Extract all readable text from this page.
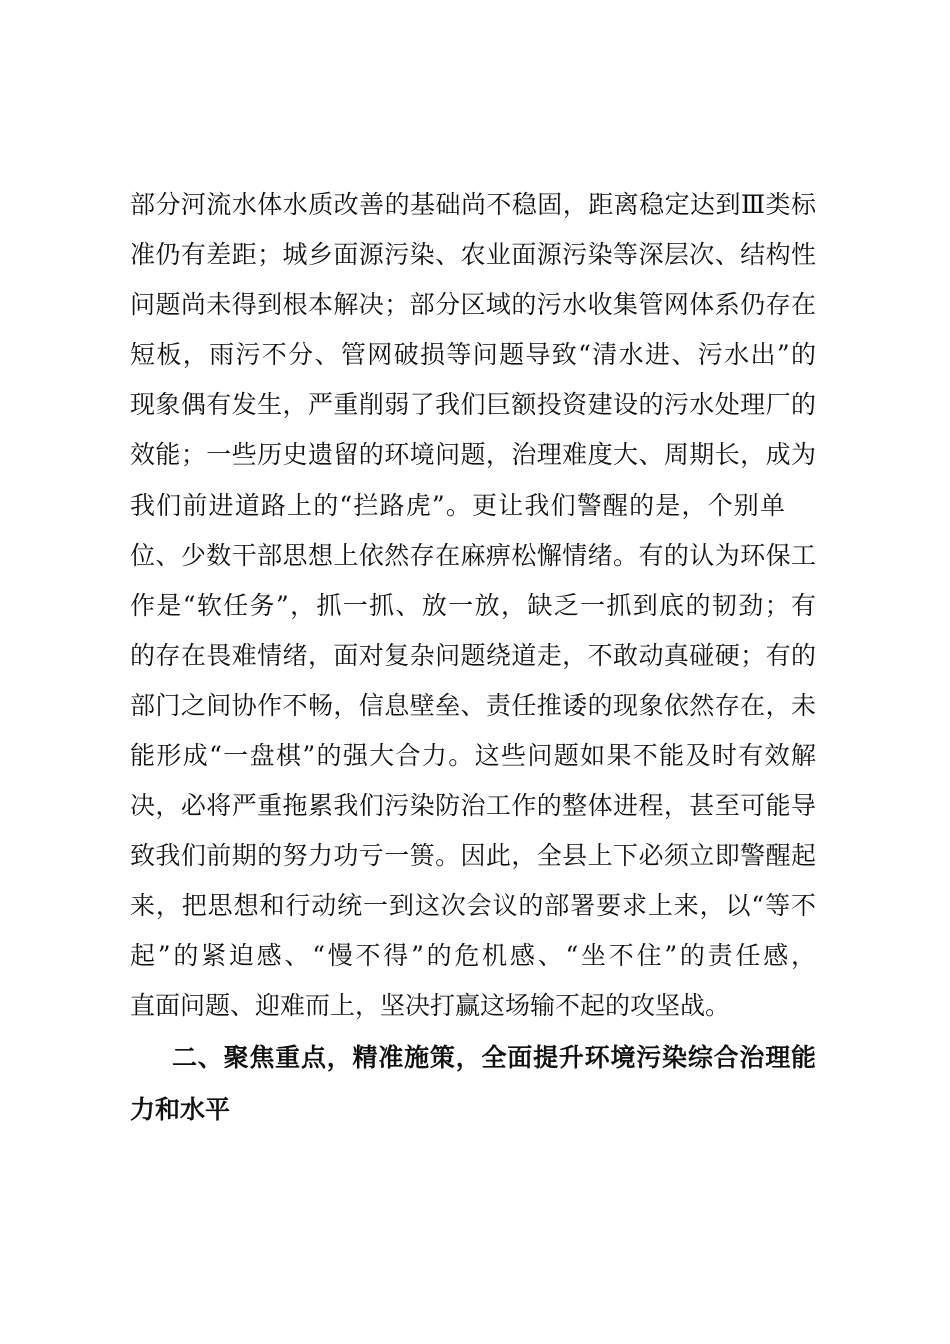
部分河流水体水质改善的基础尚不稳固，距离稳定达到Ⅲ类标
准仍有差距；城乡面源污染、农业面源污染等深层次、结构性
问题尚未得到根本解决；部分区域的污水收集管网体系仍存在
短板，雨污不分、管网破损等问题导致“清水进、污水出”的
现象偶有发生，严重削弱了我们巨额投资建设的污水处理厂的
效能；一些历史遗留的环境问题，治理难度大、周期长，成为
我们前进道路上的“拦路虎”。更让我们警醒的是，个别单
位、少数干部思想上依然存在麻痹松懈情绪。有的认为环保工
作是“软任务”，抓一抓、放一放，缺乏一抓到底的韧劲；有
的存在畏难情绪，面对复杂问题绕道走，不敢动真碰硬；有的
部门之间协作不畅，信息壁垒、责任推诿的现象依然存在，未
能形成“一盘棋”的强大合力。这些问题如果不能及时有效解
决，必将严重拖累我们污染防治工作的整体进程，甚至可能导
致我们前期的努力功亏一篑。因此，全县上下必须立即警醒起
来，把思想和行动统一到这次会议的部署要求上来，以“等不
起”的紧迫感、“慢不得”的危机感、“坐不住”的责任感，
直面问题、迎难而上，坚决打赢这场输不起的攻坚战。
二、聚焦重点，精准施策，全面提升环境污染综合治理能
力和水平
